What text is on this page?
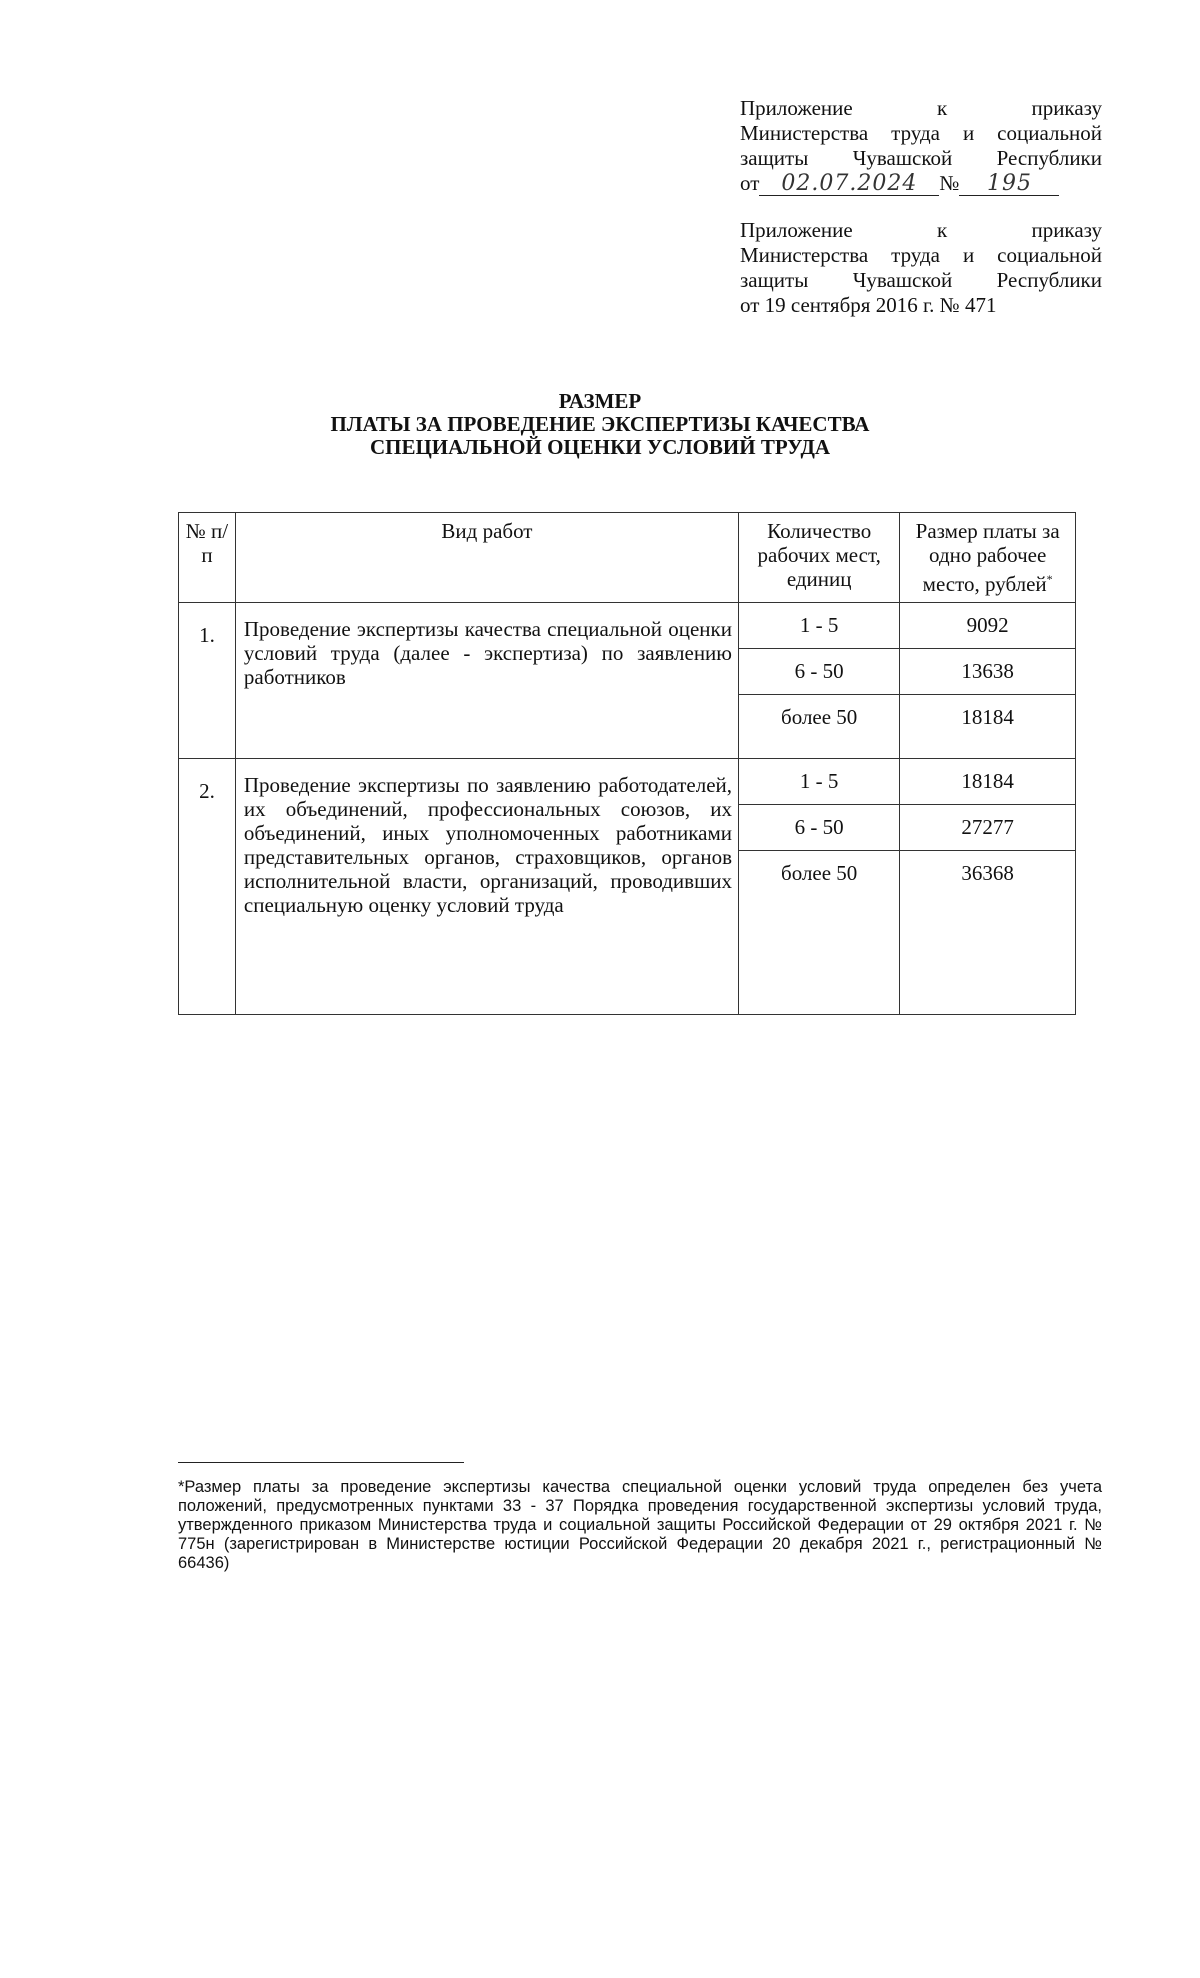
Приложение к приказу
Министерства труда и социальной
защиты Чувашской Республики
от	02.07.2024	№	195
Приложение к приказу
Министерства труда и социальной
защиты Чувашской Республики
от 19 сентября 2016 г. № 471
РАЗМЕР
ПЛАТЫ ЗА ПРОВЕДЕНИЕ ЭКСПЕРТИЗЫ КАЧЕСТВА
СПЕЦИАЛЬНОЙ ОЦЕНКИ УСЛОВИЙ ТРУДА
№ п/п	Вид работ	Количество рабочих мест, единиц	Размер платы за одно рабочее место, рублей*
1.	Проведение экспертизы качества специальной оценки условий труда (далее - экспертиза) по заявлению работников	1 - 5	9092
		6 - 50	13638
		более 50	18184
2.	Проведение экспертизы по заявлению работодателей, их объединений, профессиональных союзов, их объединений, иных уполномоченных работниками представительных органов, страховщиков, органов исполнительной власти, организаций, проводивших специальную оценку условий труда	1 - 5	18184
		6 - 50	27277
		более 50	36368
*Размер платы за проведение экспертизы качества специальной оценки условий труда определен без учета положений, предусмотренных пунктами 33 - 37 Порядка проведения государственной экспертизы условий труда, утвержденного приказом Министерства труда и социальной защиты Российской Федерации от 29 октября 2021 г. № 775н (зарегистрирован в Министерстве юстиции Российской Федерации 20 декабря 2021 г., регистрационный № 66436)
